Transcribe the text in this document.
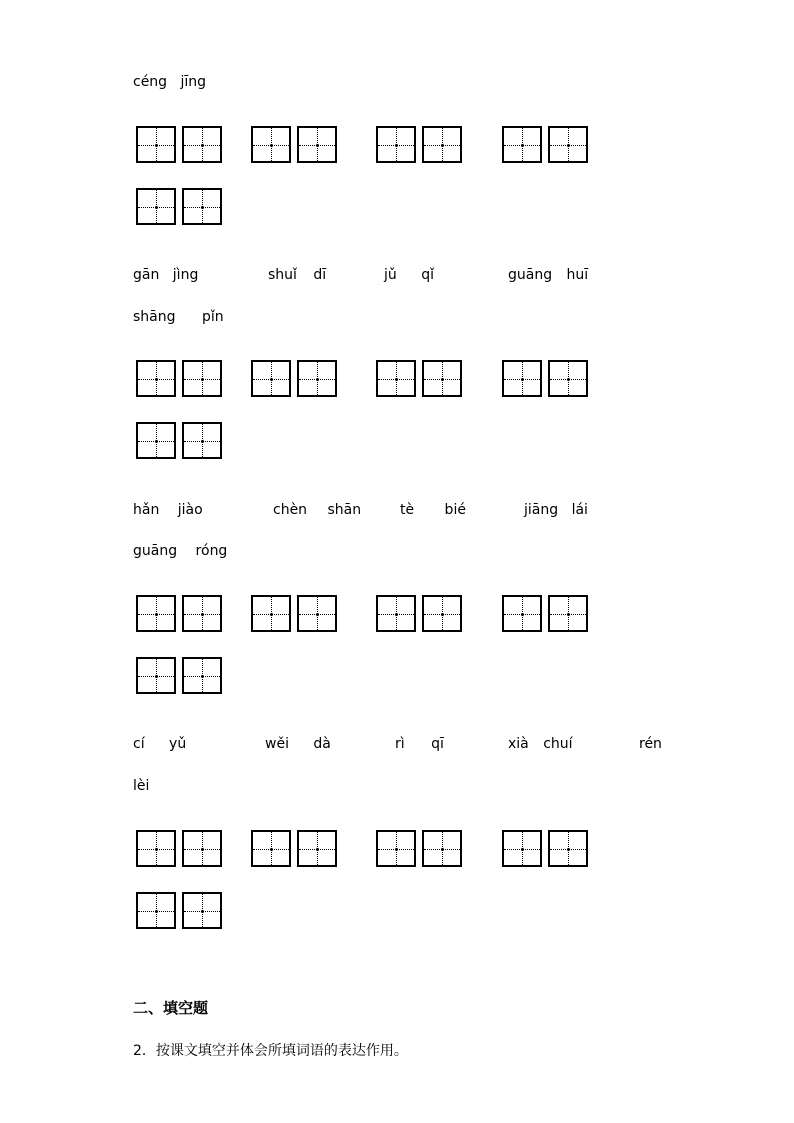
céng jīng
gān jìng	shuǐ dī	jǔ qǐ	guāng huī
shāng pǐn
hǎn jiào	chèn shān	tè bié	jiāng lái
guāng róng
cí yǔ	wěi dà	rì qī	xià chuí	rén
lèi
二、填空题
2．按课文填空并体会所填词语的表达作用。
